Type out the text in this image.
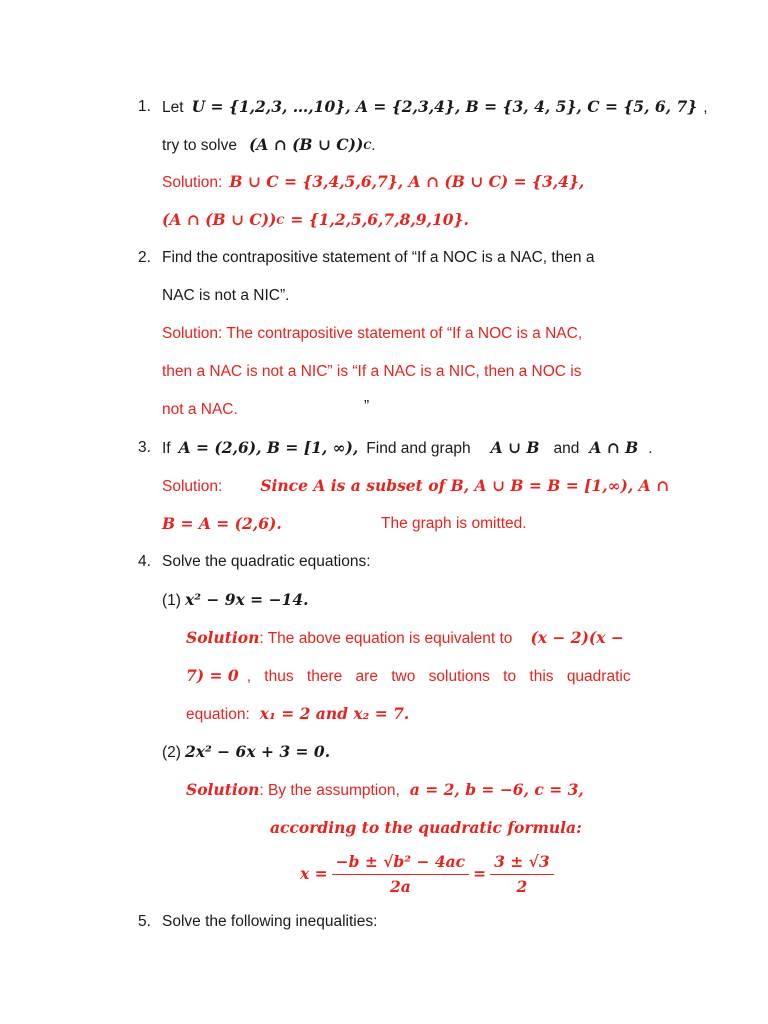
1. Let U = {1,2,3, …,10}, A = {2,3,4}, B = {3, 4, 5}, C = {5, 6, 7} ,
try to solve (A ∩ (B ∪ C))$^C$ .
Solution: B ∪ C = {3,4,5,6,7}, A ∩ (B ∪ C) = {3,4},
(A ∩ (B ∪ C))$^C$ = {1,2,5,6,7,8,9,10}.
2. Find the contrapositive statement of “If a NOC is a NAC, then a
NAC is not a NIC”.
Solution: The contrapositive statement of “If a NOC is a NAC,
then a NAC is not a NIC” is “If a NAC is a NIC, then a NOC is
not a NAC.	”
3. If A = (2,6), B = [1, ∞), Find and graph A ∪ B and A ∩ B .
Solution: Since A is a subset of B, A ∪ B = B = [1,∞), A ∩
B = A = (2,6).	The graph is omitted.
4. Solve the quadratic equations:
(1) x² − 9x = −14.
Solution : The above equation is equivalent to (x − 2)(x −
7) = 0 , thus there are two solutions to this quadratic
equation: x₁ = 2 and x₂ = 7.
(2) 2x² − 6x + 3 = 0.
Solution : By the assumption, a = 2, b = −6, c = 3,
according to the quadratic formula:
$x = \frac{\text{−b ± √b² − 4ac}}{2a} = \frac{3 \pm √3}{2}$
5. Solve the following inequalities:
